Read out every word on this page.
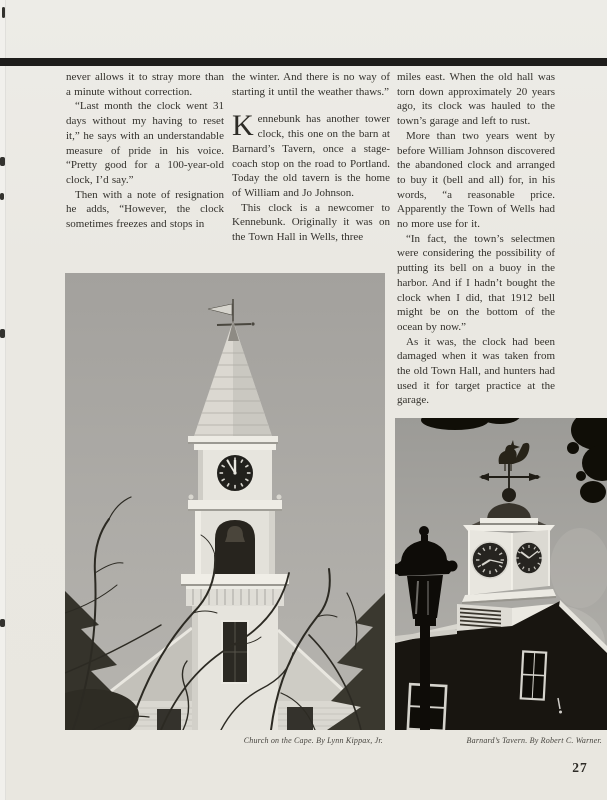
never allows it to stray more than a minute without correction.

“Last month the clock went 31 days without my having to reset it,” he says with an understandable measure of pride in his voice. “Pretty good for a 100-year-old clock, I’d say.”

Then with a note of resignation he adds, “However, the clock sometimes freezes and stops in

the winter. And there is no way of starting it until the weather thaws.”

Kennebunk has another tower clock, this one on the barn at Barnard’s Tavern, once a stage-coach stop on the road to Portland. Today the old tavern is the home of William and Jo Johnson.

This clock is a newcomer to Kennebunk. Originally it was on the Town Hall in Wells, three

miles east. When the old hall was torn down approximately 20 years ago, its clock was hauled to the town’s garage and left to rust.

More than two years went by before William Johnson discovered the abandoned clock and arranged to buy it (bell and all) for, in his words, “a reasonable price. Apparently the Town of Wells had no more use for it.

“In fact, the town’s selectmen were considering the possibility of putting its bell on a buoy in the harbor. And if I hadn’t bought the clock when I did, that 1912 bell might be on the bottom of the ocean by now.”

As it was, the clock had been damaged when it was taken from the old Town Hall, and hunters had used it for target practice at the garage.

Church on the Cape. By Lynn Kippax, Jr.	Barnard’s Tavern. By Robert C. Warner.
27
